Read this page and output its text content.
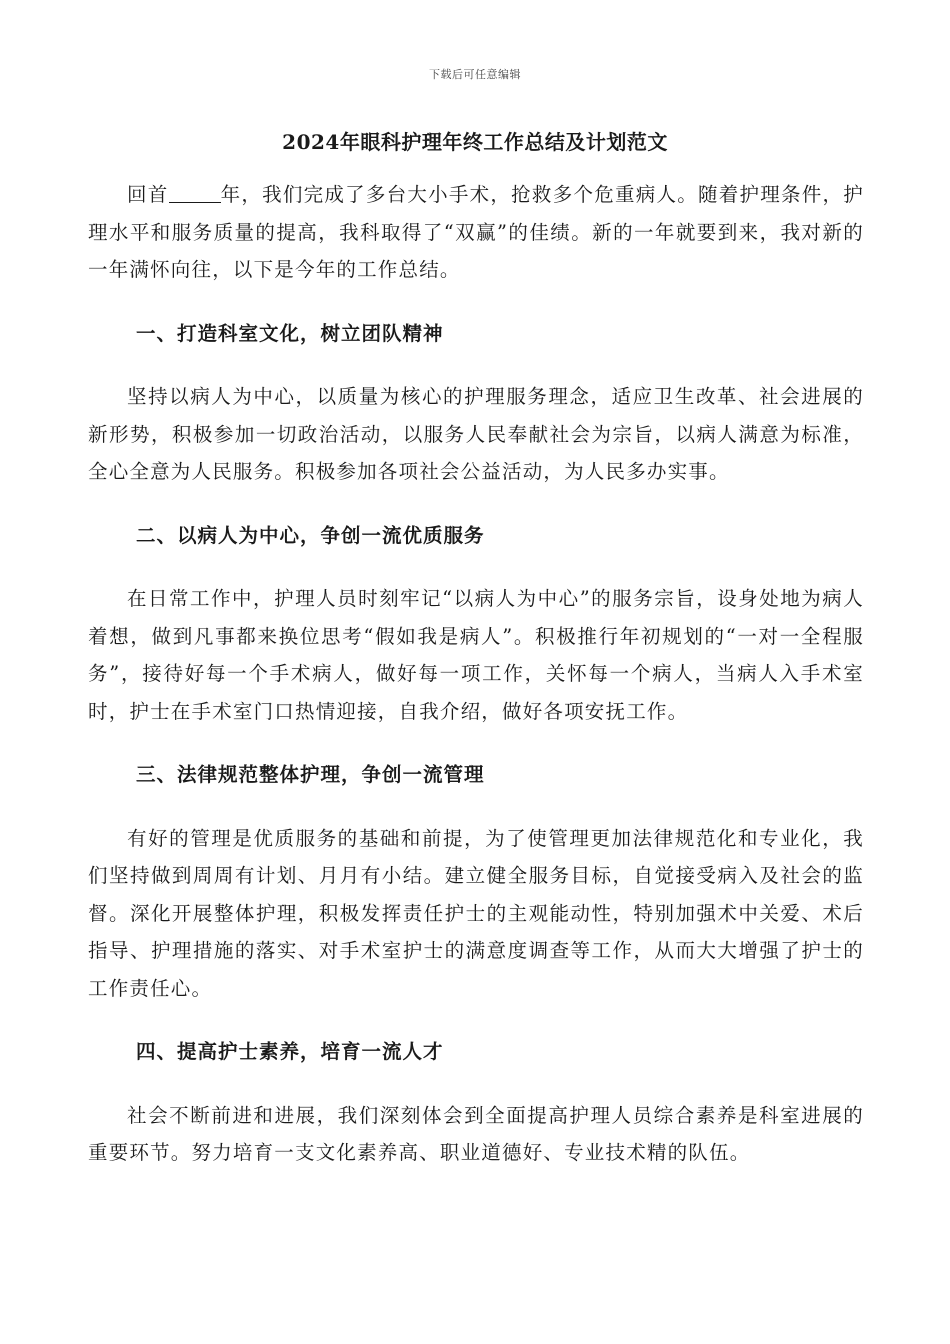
下载后可任意编辑
2024年眼科护理年终工作总结及计划范文

回首	年，我们完成了多台大小手术，抢救多个危重病人。随着护理条件，护理水平和服务质量的提高，我科取得了“双赢”的佳绩。新的一年就要到来，我对新的一年满怀向往，以下是今年的工作总结。

一、打造科室文化，树立团队精神

坚持以病人为中心，以质量为核心的护理服务理念，适应卫生改革、社会进展的新形势，积极参加一切政治活动，以服务人民奉献社会为宗旨，以病人满意为标准，全心全意为人民服务。积极参加各项社会公益活动，为人民多办实事。

二、以病人为中心，争创一流优质服务

在日常工作中，护理人员时刻牢记“以病人为中心”的服务宗旨，设身处地为病人着想，做到凡事都来换位思考“假如我是病人”。积极推行年初规划的“一对一全程服务”，接待好每一个手术病人，做好每一项工作，关怀每一个病人，当病人入手术室时，护士在手术室门口热情迎接，自我介绍，做好各项安抚工作。

三、法律规范整体护理，争创一流管理

有好的管理是优质服务的基础和前提，为了使管理更加法律规范化和专业化，我们坚持做到周周有计划、月月有小结。建立健全服务目标，自觉接受病入及社会的监督。深化开展整体护理，积极发挥责任护士的主观能动性，特别加强术中关爱、术后指导、护理措施的落实、对手术室护士的满意度调查等工作，从而大大增强了护士的工作责任心。

四、提高护士素养，培育一流人才

社会不断前进和进展，我们深刻体会到全面提高护理人员综合素养是科室进展的重要环节。努力培育一支文化素养高、职业道德好、专业技术精的队伍。
